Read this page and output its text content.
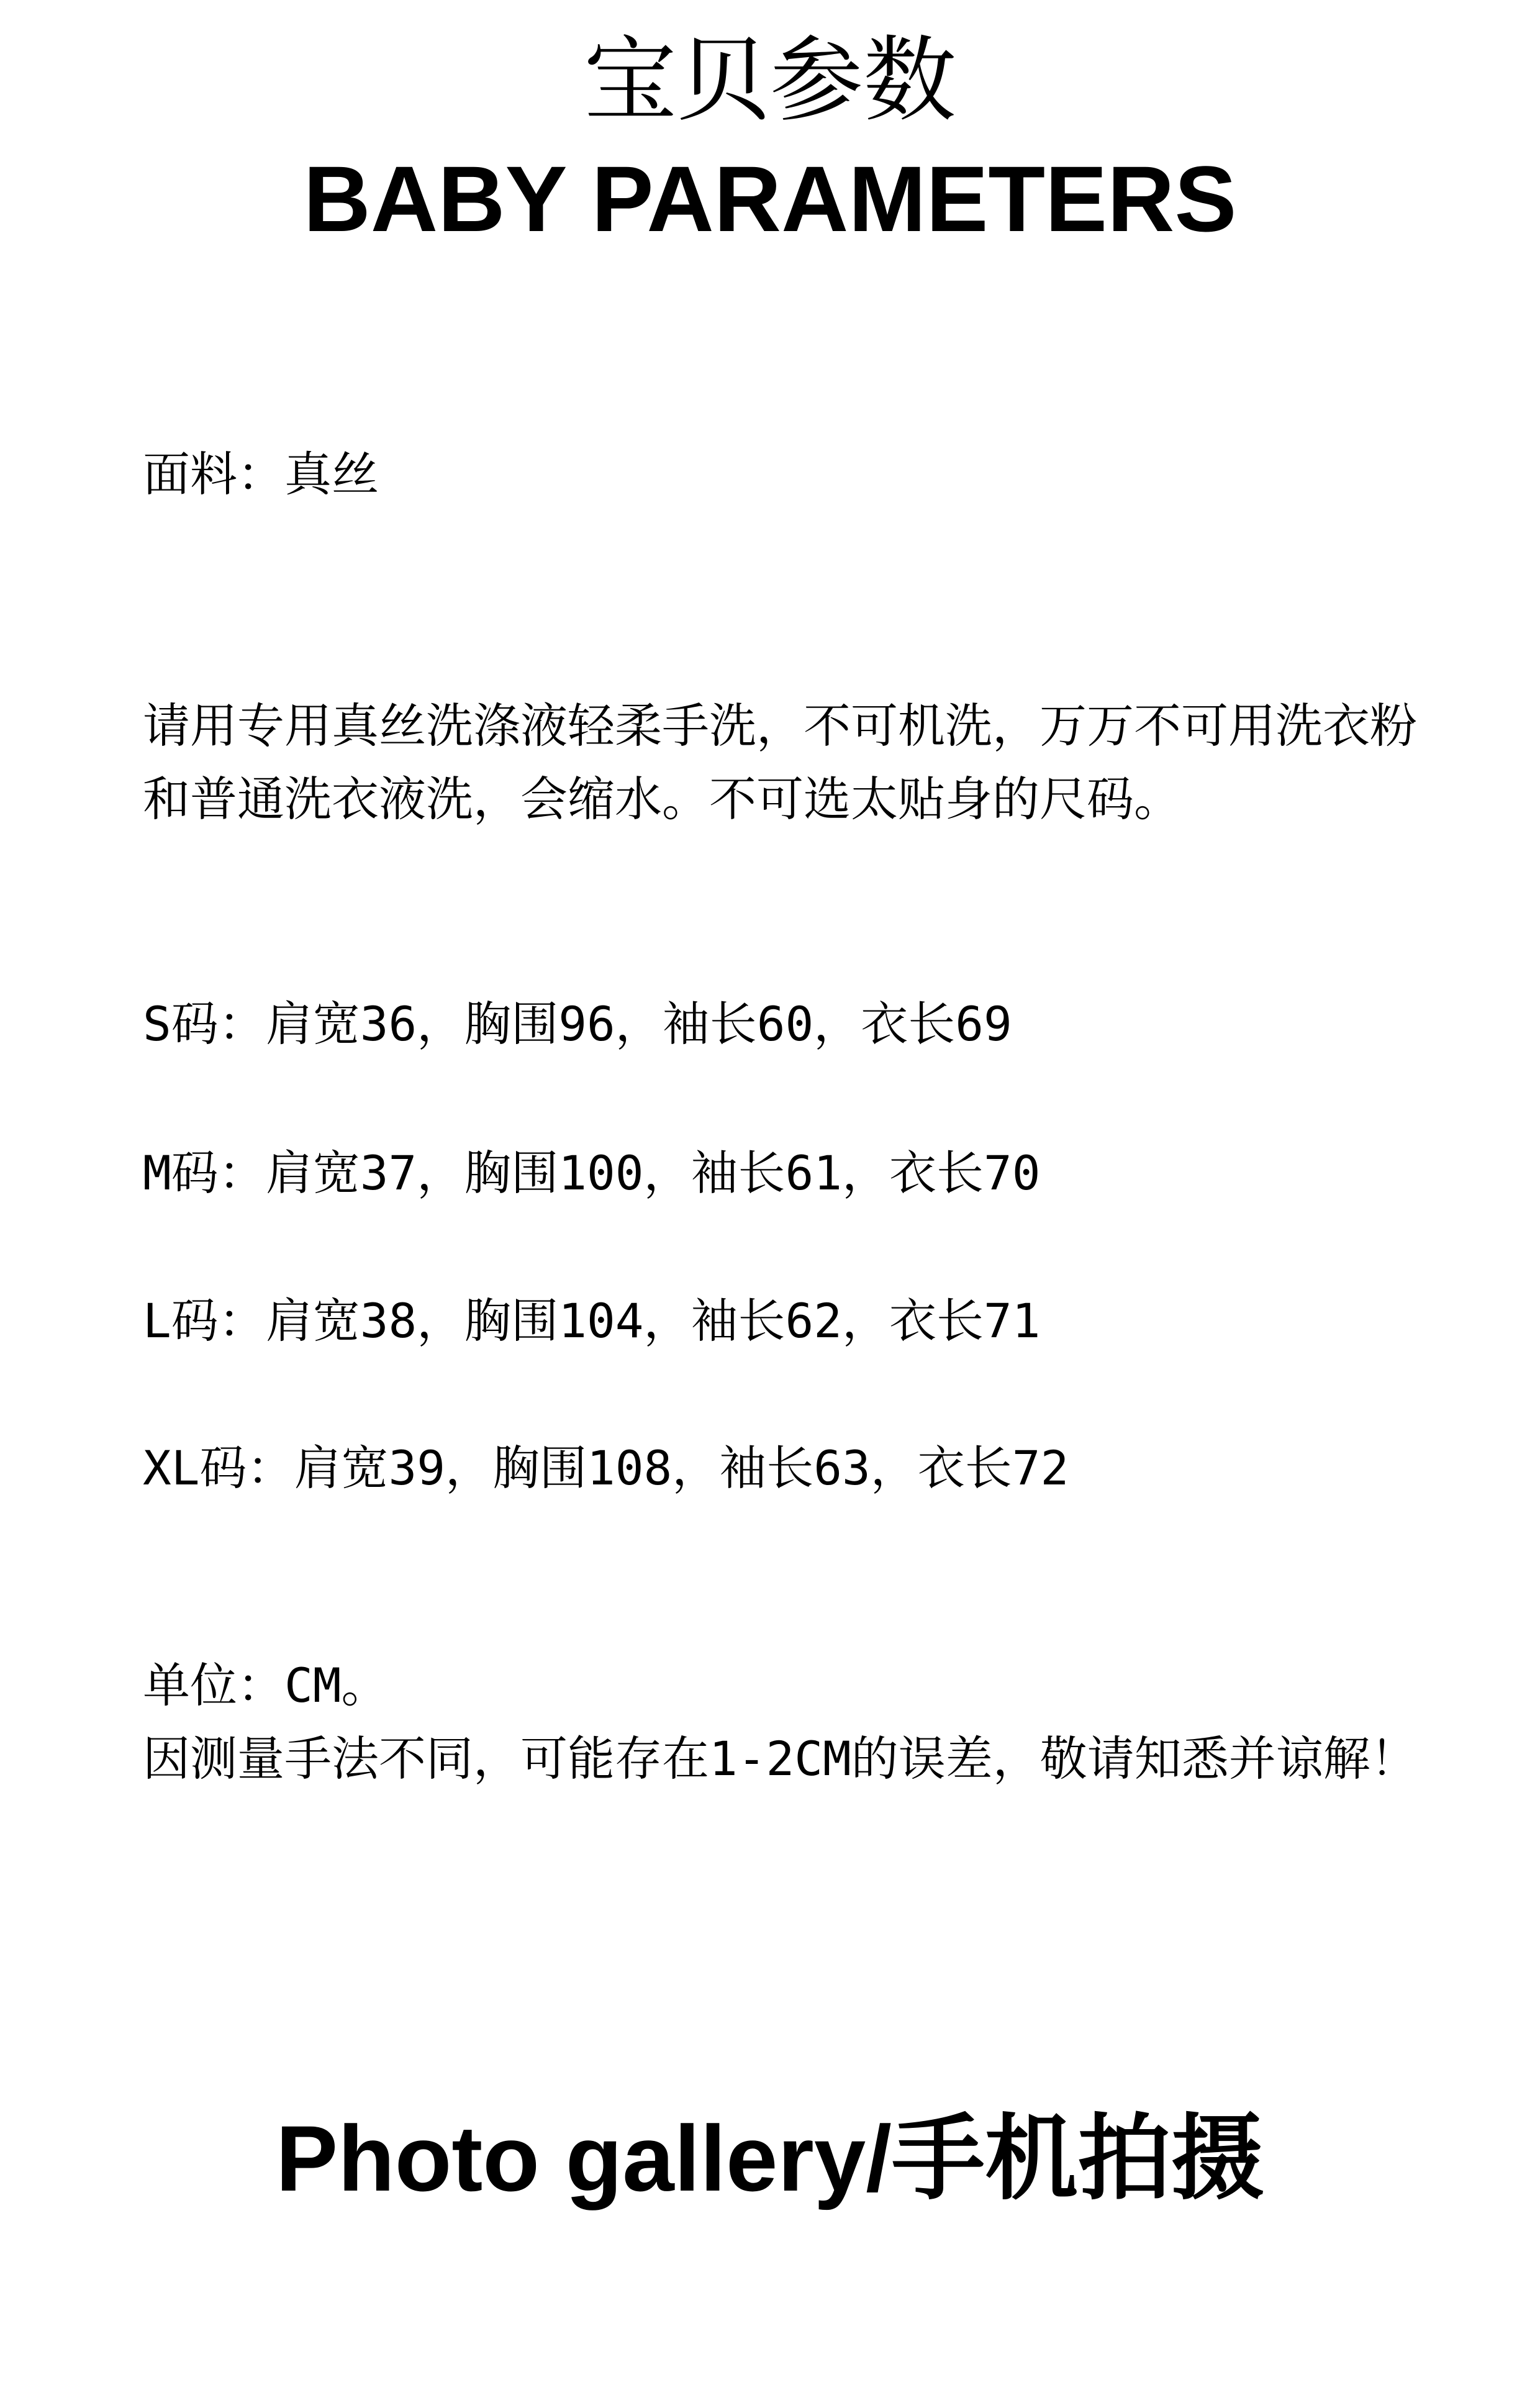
宝贝参数
BABY PARAMETERS

面料：真丝

请用专用真丝洗涤液轻柔手洗，不可机洗，万万不可用洗衣粉

和普通洗衣液洗，会缩水。不可选太贴身的尺码。

S码：肩宽36，胸围96，袖长60，衣长69

M码：肩宽37，胸围100，袖长61，衣长70

L码：肩宽38，胸围104，袖长62，衣长71

XL码：肩宽39，胸围108，袖长63，衣长72

单位：CM。

因测量手法不同，可能存在1-2CM的误差，敬请知悉并谅解！

Photo gallery/手机拍摄
